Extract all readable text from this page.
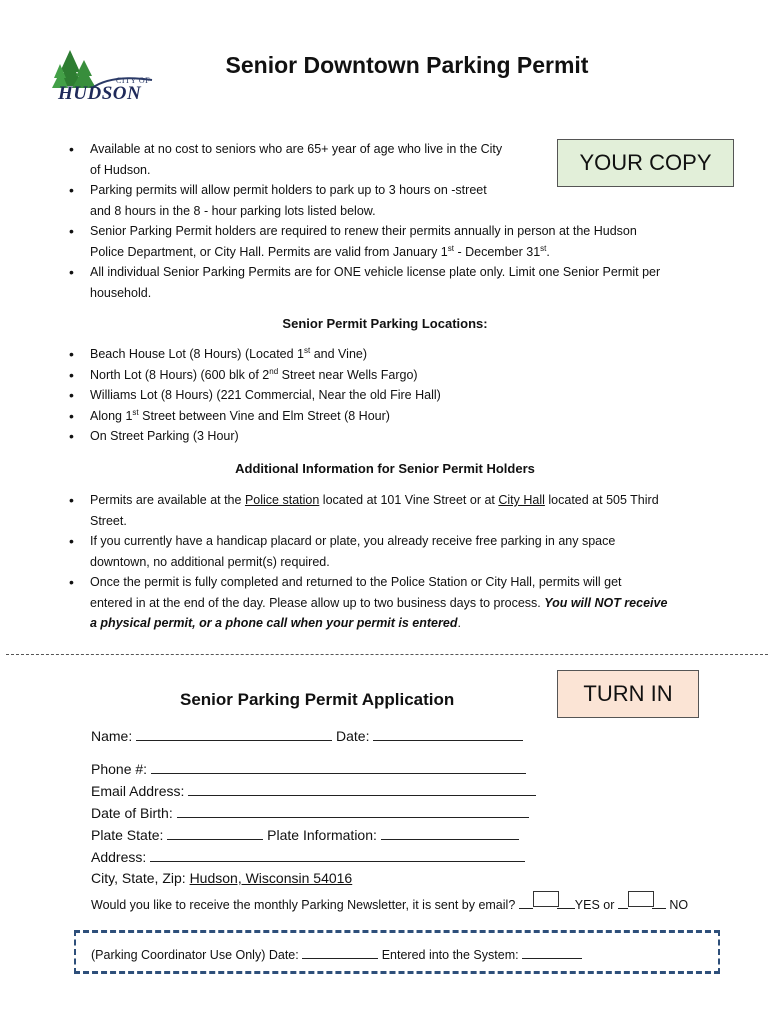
CITY OF
HUDSON
Senior Downtown Parking Permit
YOUR COPY
• Available at no cost to seniors who are 65+ year of age who live in the City
of Hudson.
• Parking permits will allow permit holders to park up to 3 hours on -street
and 8 hours in the 8 - hour parking lots listed below.
• Senior Parking Permit holders are required to renew their permits annually in person at the Hudson
Police Department, or City Hall. Permits are valid from January 1st - December 31st.
• All individual Senior Parking Permits are for ONE vehicle license plate only. Limit one Senior Permit per
household.
Senior Permit Parking Locations:
• Beach House Lot (8 Hours) (Located 1st and Vine)
• North Lot (8 Hours) (600 blk of 2nd Street near Wells Fargo)
• Williams Lot (8 Hours) (221 Commercial, Near the old Fire Hall)
• Along 1st Street between Vine and Elm Street (8 Hour)
• On Street Parking (3 Hour)
Additional Information for Senior Permit Holders
• Permits are available at the Police station located at 101 Vine Street or at City Hall located at 505 Third
Street.
• If you currently have a handicap placard or plate, you already receive free parking in any space
downtown, no additional permit(s) required.
• Once the permit is fully completed and returned to the Police Station or City Hall, permits will get
entered in at the end of the day. Please allow up to two business days to process. You will NOT receive
a physical permit, or a phone call when your permit is entered.
Senior Parking Permit Application	TURN IN
Name:	Date:
Phone #:
Email Address:
Date of Birth:
Plate State:	Plate Information:
Address:
City, State, Zip: Hudson, Wisconsin 54016
Would you like to receive the monthly Parking Newsletter, it is sent by email?	YES or	NO
(Parking Coordinator Use Only) Date:	Entered into the System:
